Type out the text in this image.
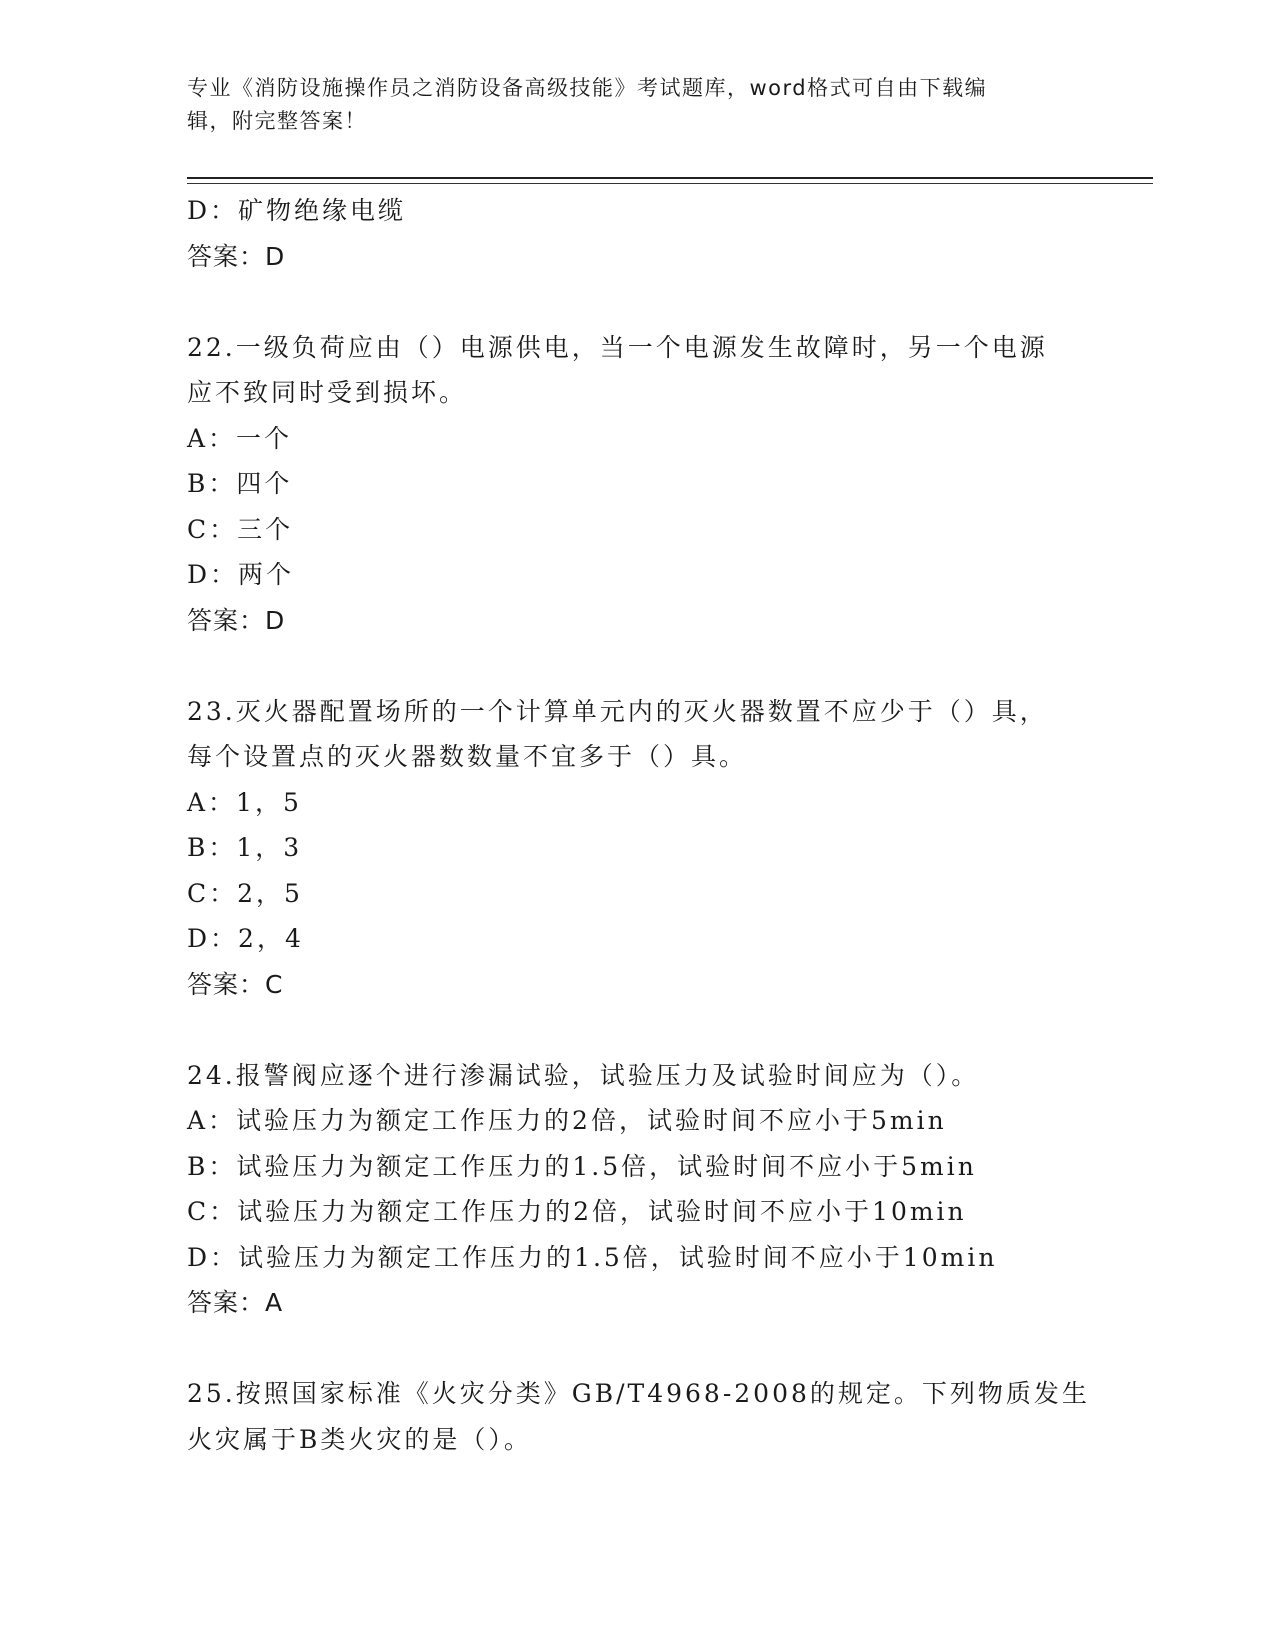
专业《消防设施操作员之消防设备高级技能》考试题库，word格式可自由下载编
辑，附完整答案！
D：矿物绝缘电缆
答案：D
22.一级负荷应由（）电源供电，当一个电源发生故障时，另一个电源
应不致同时受到损坏。
A：一个
B：四个
C：三个
D：两个
答案：D
23.灭火器配置场所的一个计算单元内的灭火器数置不应少于（）具，
每个设置点的灭火器数数量不宜多于（）具。
A：1，5
B：1，3
C：2，5
D：2，4
答案：C
24.报警阀应逐个进行渗漏试验，试验压力及试验时间应为（）。
A：试验压力为额定工作压力的2倍，试验时间不应小于5min
B：试验压力为额定工作压力的1.5倍，试验时间不应小于5min
C：试验压力为额定工作压力的2倍，试验时间不应小于10min
D：试验压力为额定工作压力的1.5倍，试验时间不应小于10min
答案：A
25.按照国家标准《火灾分类》GB/T4968-2008的规定。下列物质发生
火灾属于B类火灾的是（）。
